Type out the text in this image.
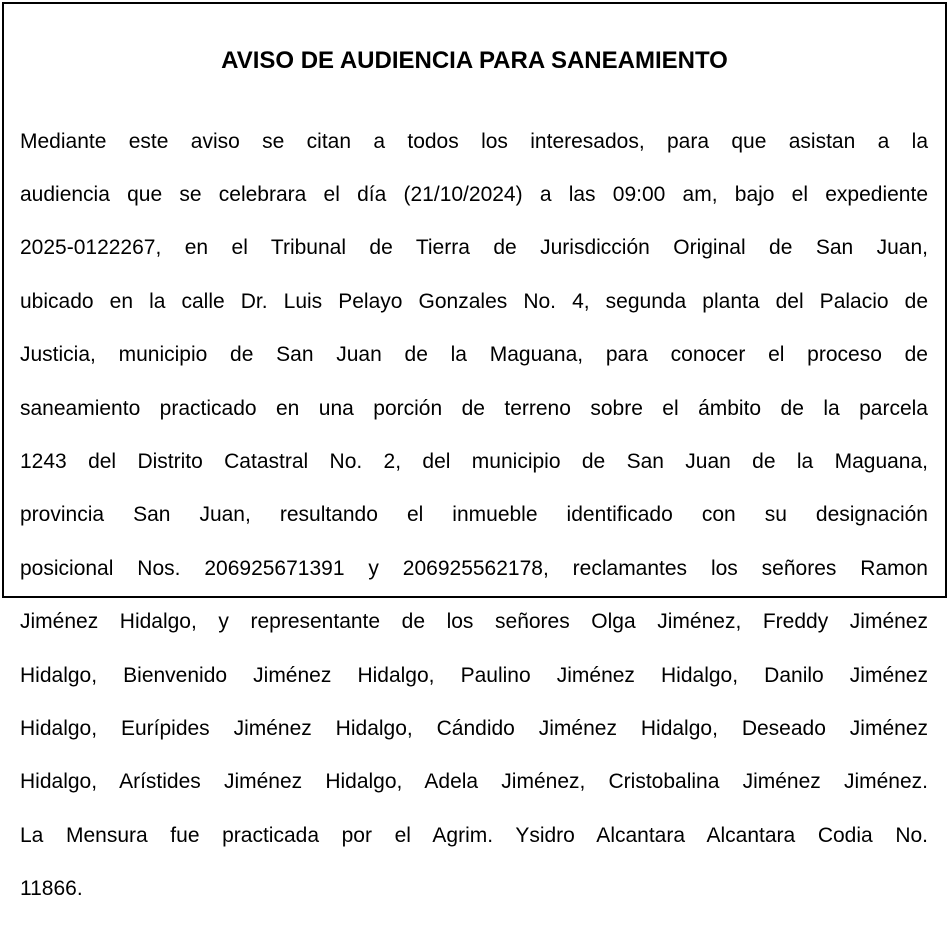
AVISO DE AUDIENCIA PARA SANEAMIENTO

Mediante este aviso se citan a todos los interesados, para que asistan a la

audiencia que se celebrara el día (21/10/2024) a las 09:00 am, bajo el expediente

2025-0122267, en el Tribunal de Tierra de Jurisdicción Original de San Juan,

ubicado en la calle Dr. Luis Pelayo Gonzales No. 4, segunda planta del Palacio de

Justicia, municipio de San Juan de la Maguana, para conocer el proceso de

saneamiento practicado en una porción de terreno sobre el ámbito de la parcela

1243 del Distrito Catastral No. 2, del municipio de San Juan de la Maguana,

provincia San Juan, resultando el inmueble identificado con su designación

posicional Nos. 206925671391 y 206925562178, reclamantes los señores Ramon

Jiménez Hidalgo, y representante de los señores Olga Jiménez, Freddy Jiménez

Hidalgo, Bienvenido Jiménez Hidalgo, Paulino Jiménez Hidalgo, Danilo Jiménez

Hidalgo, Eurípides Jiménez Hidalgo, Cándido Jiménez Hidalgo, Deseado Jiménez

Hidalgo, Arístides Jiménez Hidalgo, Adela Jiménez, Cristobalina Jiménez Jiménez.

La Mensura fue practicada por el Agrim. Ysidro Alcantara Alcantara Codia No.

11866.
